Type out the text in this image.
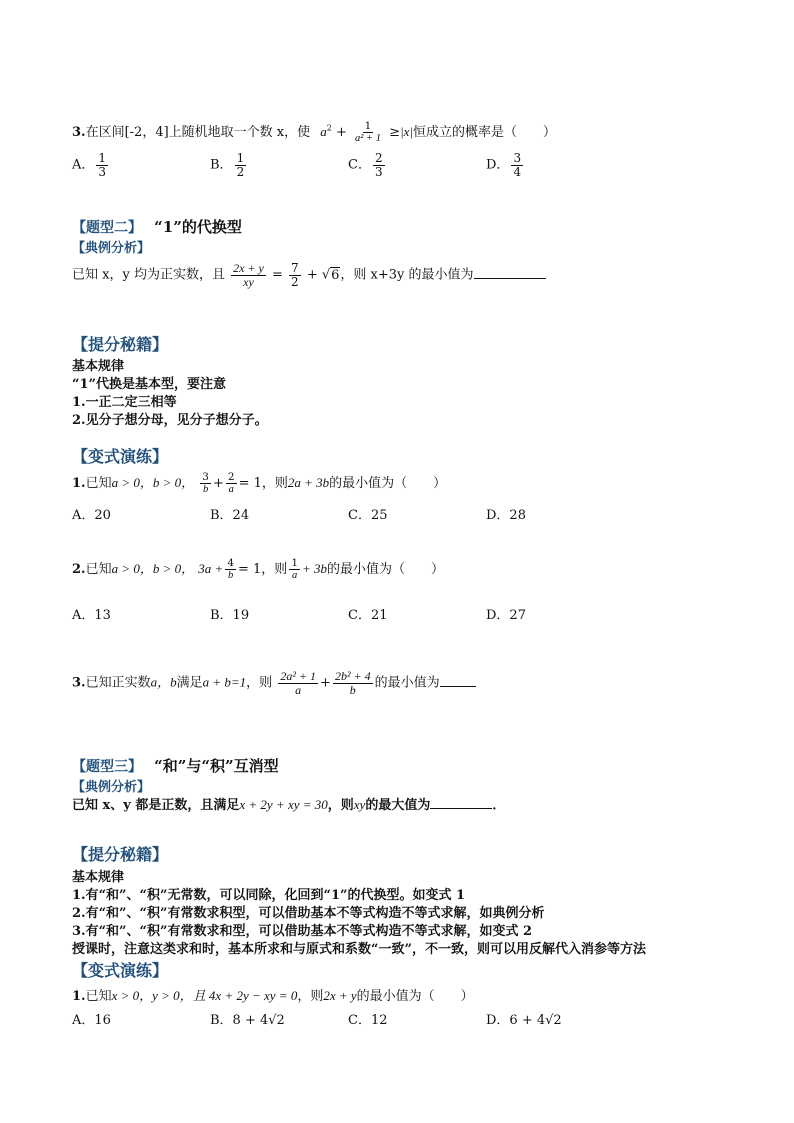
3.在区间[-2，4]上随机地取一个数 x，使 $a^2 + \frac{1}{\text{a² + 1}} \ge|x|$恒成立的概率是（　　）
A． $\frac{1}{3}$	B． $\frac{1}{2}$	C． $\frac{2}{3}$	D． $\frac{3}{4}$
【题型二】 “1”的代换型
【典例分析】
已知 x，y 均为正实数，且 $\frac{2x + y}{xy} = \frac{7}{2} + √6$，则 x+3y 的最小值为
【提分秘籍】
基本规律
“1”代换是基本型，要注意
1.一正二定三相等
2.见分子想分母，见分子想分子。
【变式演练】
1.已知a > 0，b > 0， $\frac{3}{b} + \frac{2}{a} = 1$，则2a + 3b的最小值为（　　）
A．20	B．24	C．25	D．28
2.已知a > 0，b > 0， $3a + \frac{4}{b} = 1$，则 $\frac{1}{a} + 3b$的最小值为（　　）
A．13	B．19	C．21	D．27
3.已知正实数a，b满足a + b=1，则 $\frac{\text{2a² + 1}}{a} + \frac{\text{2b² + 4}}{b}$ 的最小值为
【题型三】 “和”与“积”互消型
【典例分析】
已知 x、y 都是正数，且满足x + 2y + xy = 30，则xy的最大值为	．
【提分秘籍】
基本规律
1.有“和”、“积”无常数，可以同除，化回到“1”的代换型。如变式 1
2.有“和”、“积”有常数求积型，可以借助基本不等式构造不等式求解，如典例分析
3.有“和”、“积”有常数求和型，可以借助基本不等式构造不等式求解，如变式 2
授课时，注意这类求和时，基本所求和与原式和系数“一致”，不一致，则可以用反解代入消参等方法
【变式演练】
1.已知x > 0，y > 0，且 4x + 2y − xy = 0，则2x + y的最小值为（　　）
A．16	B．8 + 4√2	C．12	D．6 + 4√2
